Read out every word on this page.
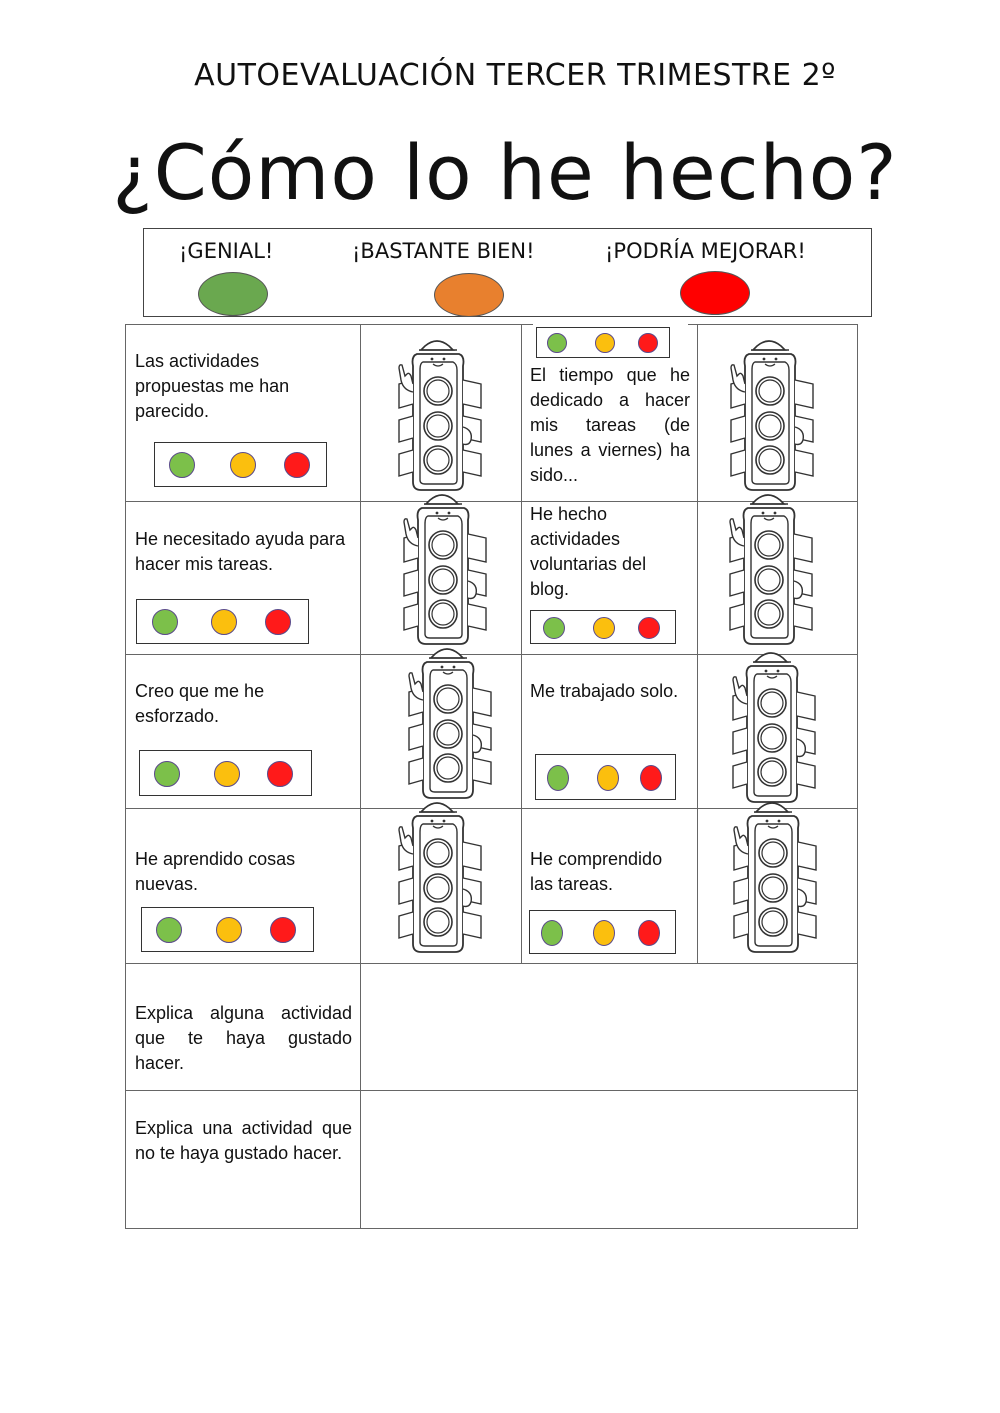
AUTOEVALUACIÓN TERCER TRIMESTRE 2º
¿Cómo lo he hecho?
¡GENIAL!	¡BASTANTE BIEN!	¡PODRÍA MEJORAR!
Las actividades propuestas me han parecido.
El tiempo que he dedicado a hacer mis tareas (de lunes a viernes) ha sido...
He necesitado ayuda para hacer mis tareas.
He hecho actividades voluntarias del blog.
Creo que me he esforzado.
Me trabajado solo.
He aprendido cosas nuevas.
He comprendido las tareas.
Explica alguna actividad que te haya gustado hacer.
Explica una actividad que no te haya gustado hacer.
